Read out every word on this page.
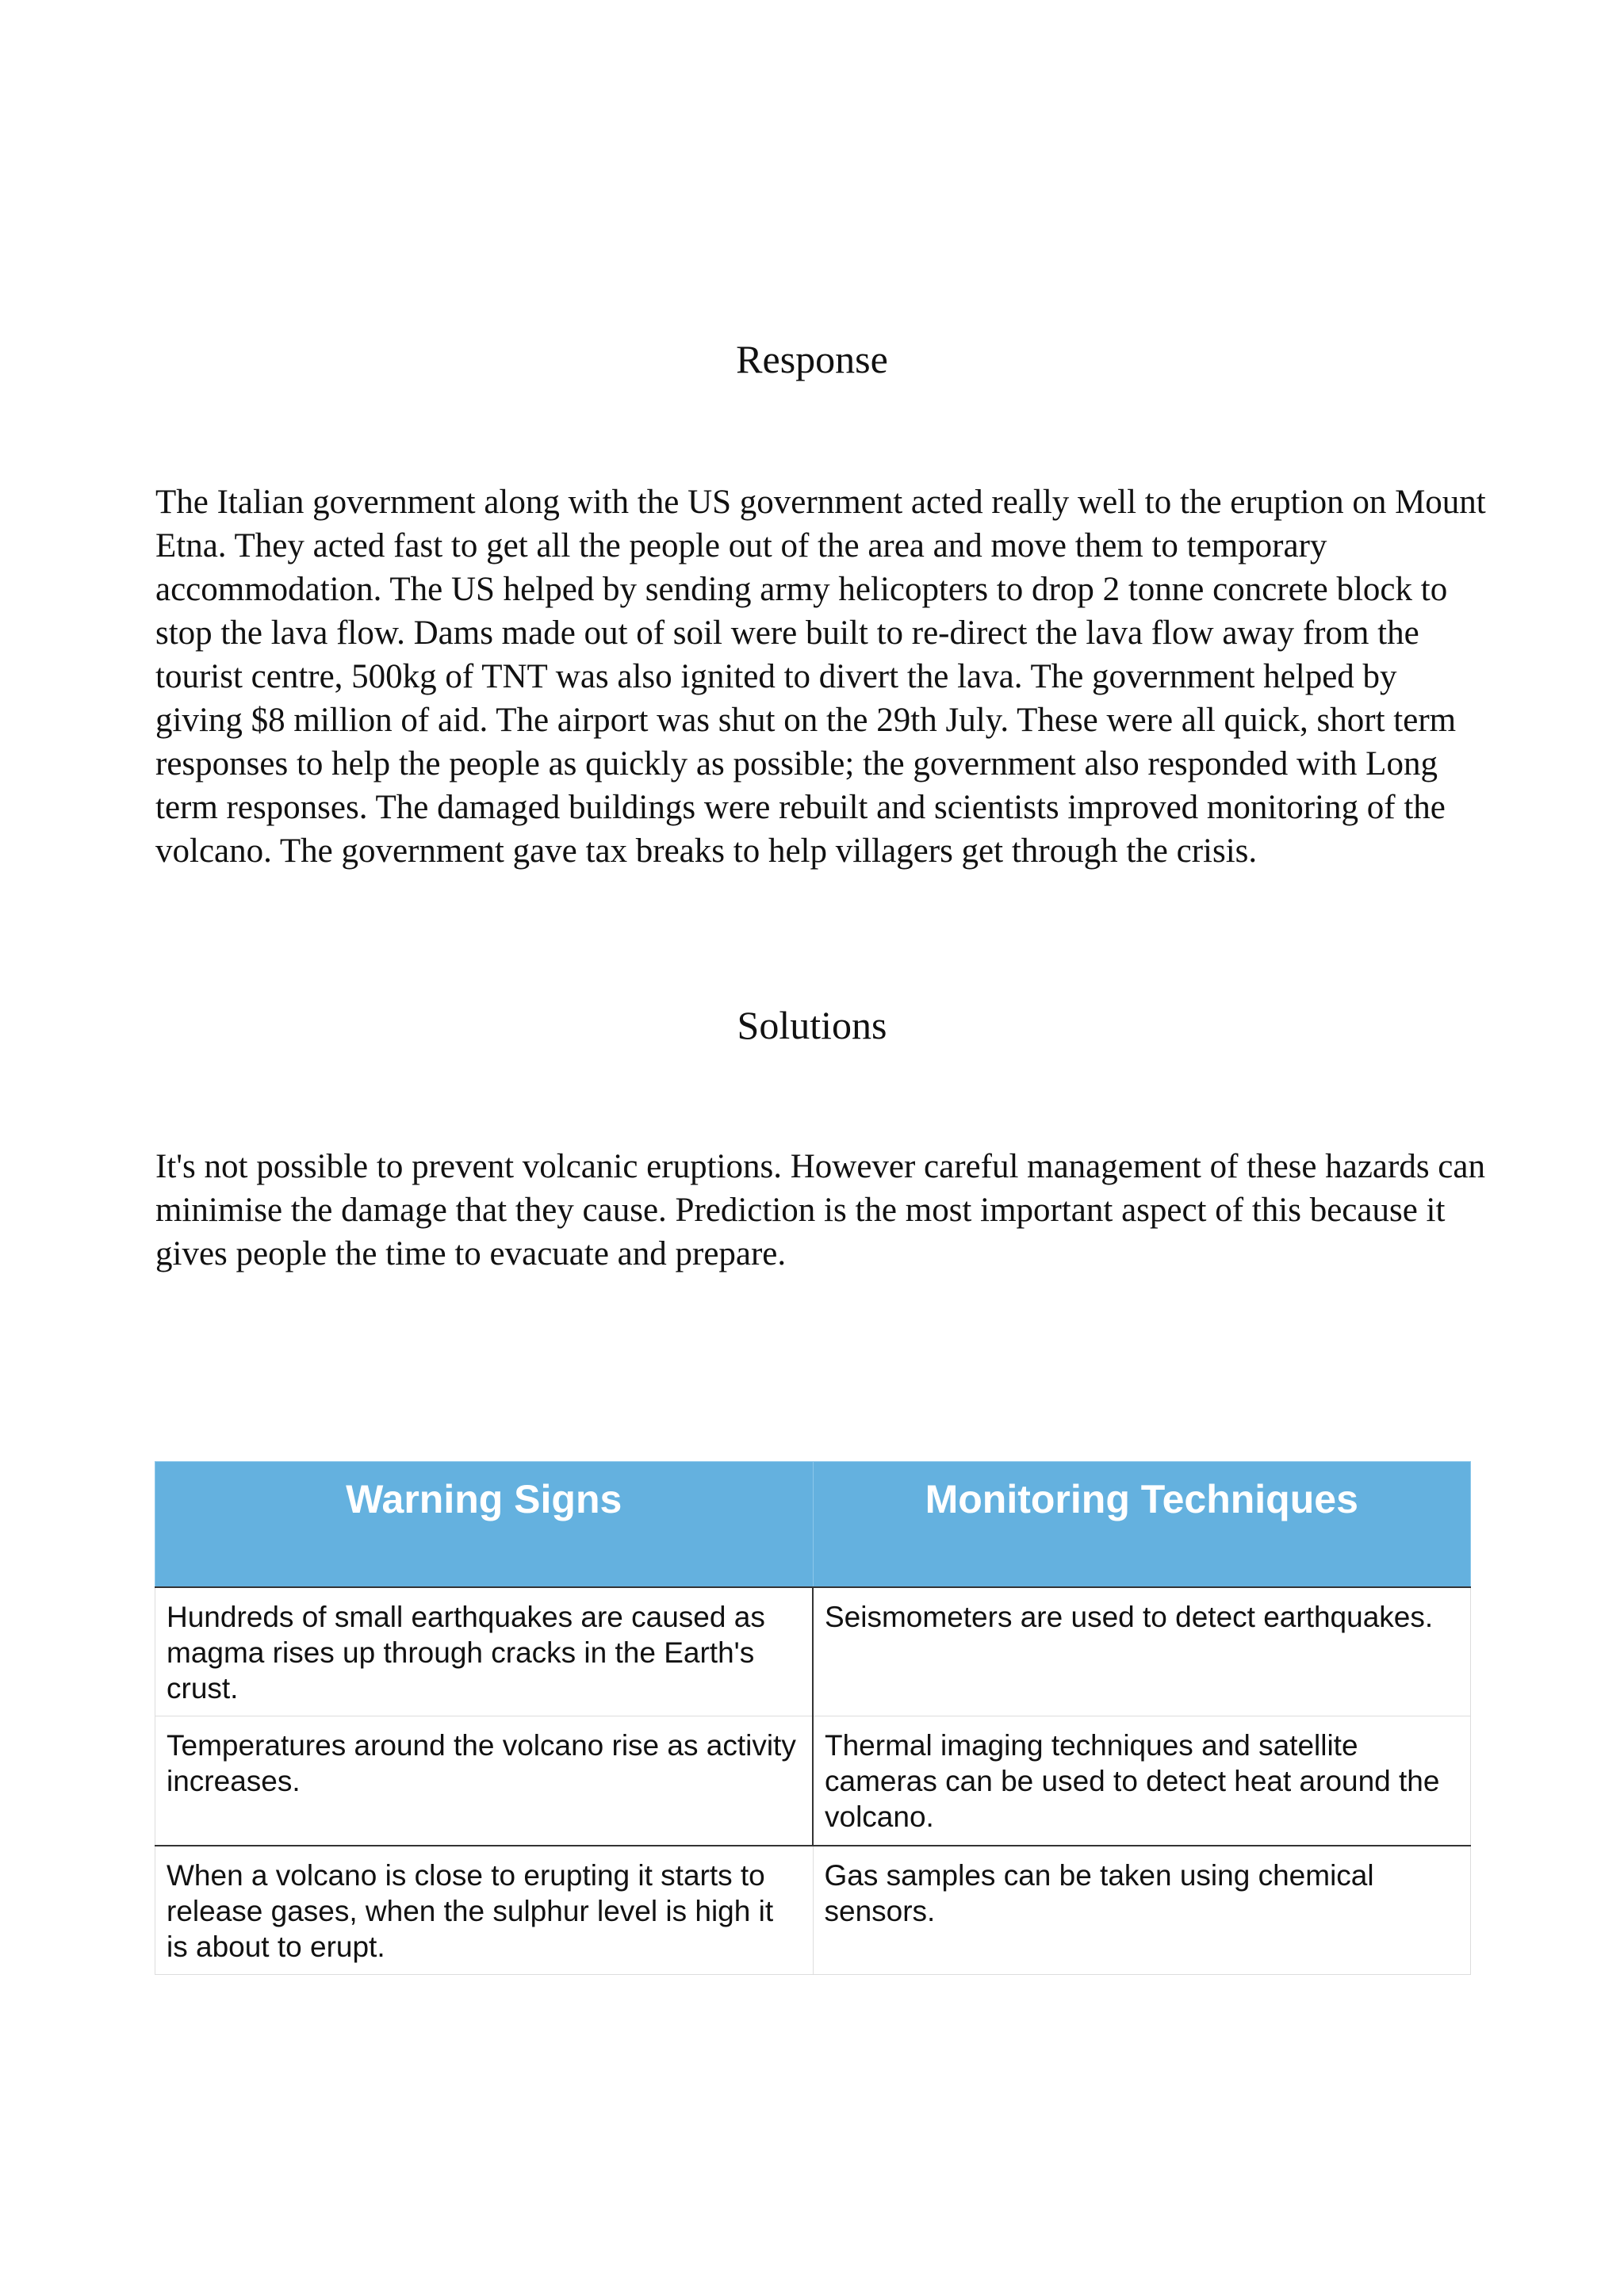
Response

The Italian government along with the US government acted really well to the eruption on Mount Etna. They acted fast to get all the people out of the area and move them to temporary accommodation. The US helped by sending army helicopters to drop 2 tonne concrete block to stop the lava flow. Dams made out of soil were built to re-direct the lava flow away from the tourist centre, 500kg of TNT was also ignited to divert the lava. The government helped by giving $8 million of aid. The airport was shut on the 29th July. These were all quick, short term responses to help the people as quickly as possible; the government also responded with Long term responses. The damaged buildings were rebuilt and scientists improved monitoring of the volcano. The government gave tax breaks to help villagers get through the crisis.

Solutions

It's not possible to prevent volcanic eruptions. However careful management of these hazards can minimise the damage that they cause. Prediction is the most important aspect of this because it gives people the time to evacuate and prepare.

Warning Signs	Monitoring Techniques
Hundreds of small earthquakes are caused as magma rises up through cracks in the Earth's crust.	Seismometers are used to detect earthquakes.
Temperatures around the volcano rise as activity increases.	Thermal imaging techniques and satellite cameras can be used to detect heat around the volcano.
When a volcano is close to erupting it starts to release gases, when the sulphur level is high it is about to erupt.	Gas samples can be taken using chemical sensors.
